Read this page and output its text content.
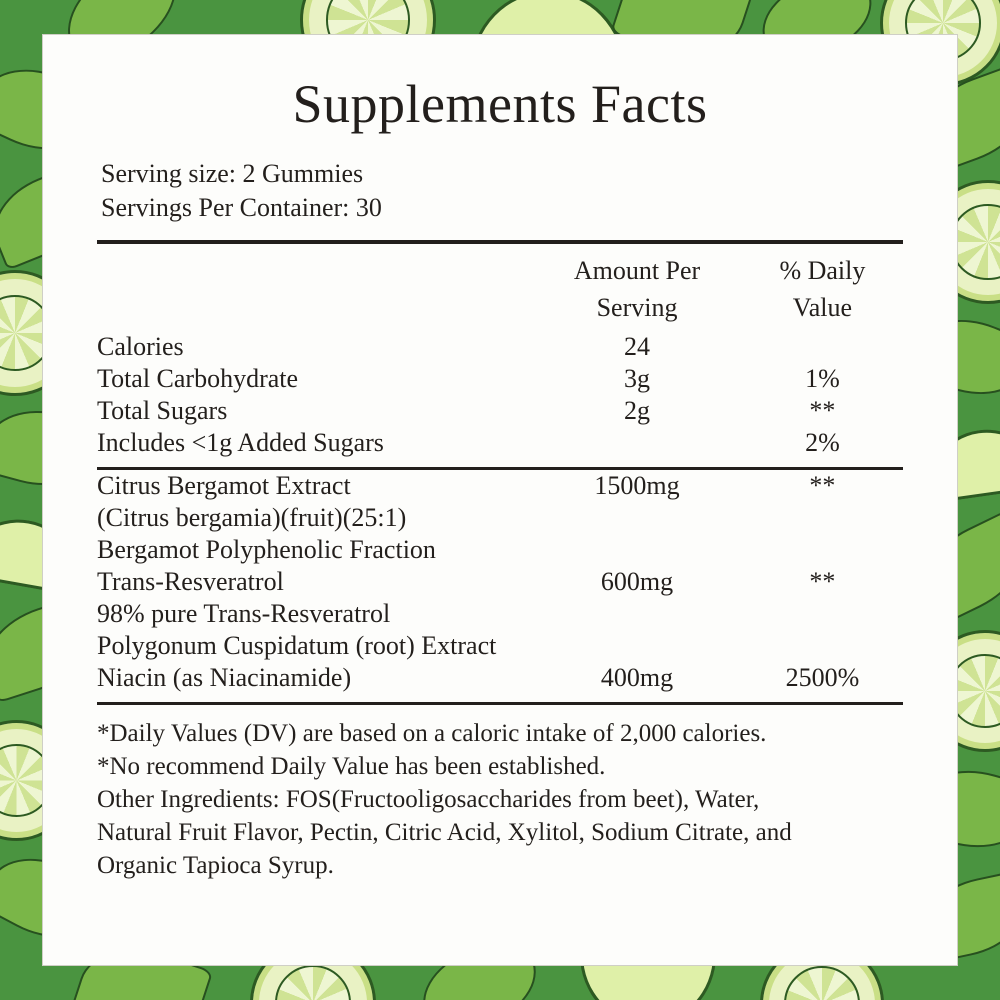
Supplements Facts
Serving size: 2 Gummies
Servings Per Container: 30

Amount Per
Serving

% Daily
Value

Calories	24	
Total Carbohydrate	3g	1%
Total Sugars	2g	**
Includes <1g Added Sugars		2%
Citrus Bergamot Extract	1500mg	**
(Citrus bergamia)(fruit)(25:1)		
Bergamot Polyphenolic Fraction		
Trans-Resveratrol	600mg	**
98% pure Trans-Resveratrol		
Polygonum Cuspidatum (root) Extract		
Niacin (as Niacinamide)	400mg	2500%

*Daily Values (DV) are based on a caloric intake of 2,000 calories.

*No recommend Daily Value has been established.

Other Ingredients: FOS(Fructooligosaccharides from beet), Water,

Natural Fruit Flavor, Pectin, Citric Acid, Xylitol, Sodium Citrate, and

Organic Tapioca Syrup.
